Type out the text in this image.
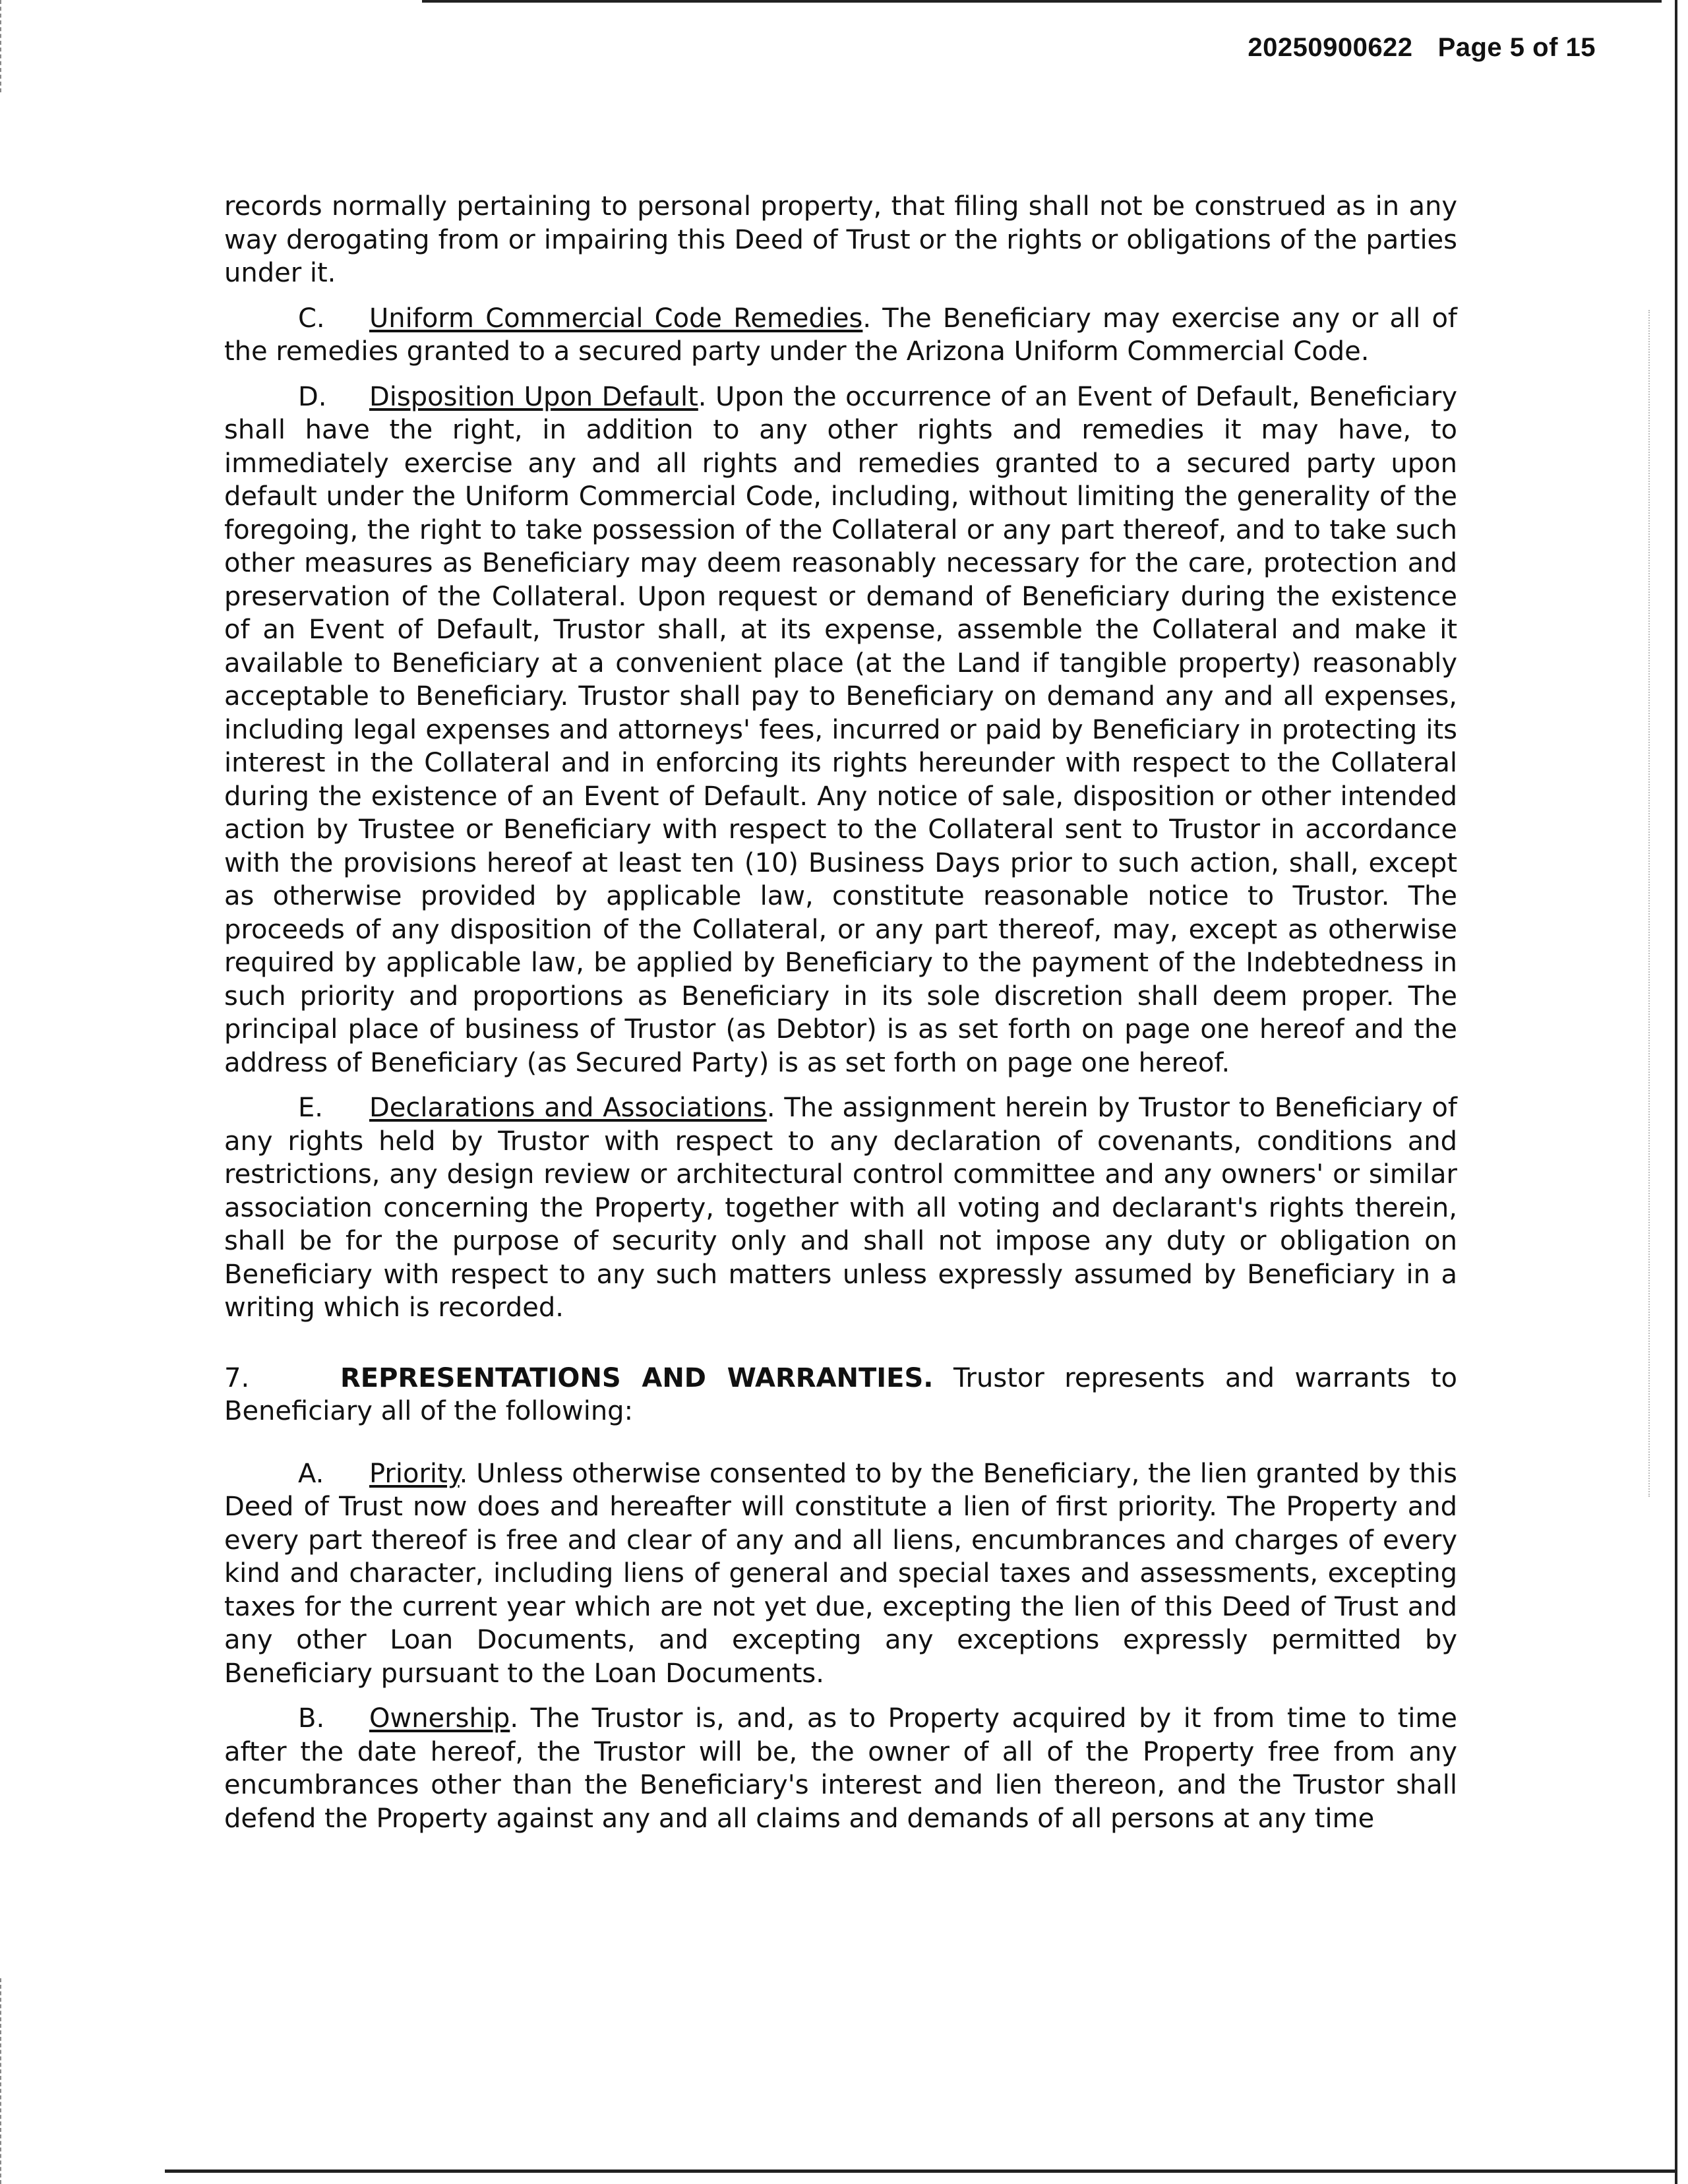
20250900622 Page 5 of 15

records normally pertaining to personal property, that filing shall not be construed as in any way derogating from or impairing this Deed of Trust or the rights or obligations of the parties under it.

C. Uniform Commercial Code Remedies. The Beneficiary may exercise any or all of the remedies granted to a secured party under the Arizona Uniform Commercial Code.

D. Disposition Upon Default. Upon the occurrence of an Event of Default, Beneficiary shall have the right, in addition to any other rights and remedies it may have, to immediately exercise any and all rights and remedies granted to a secured party upon default under the Uniform Commercial Code, including, without limiting the generality of the foregoing, the right to take possession of the Collateral or any part thereof, and to take such other measures as Beneficiary may deem reasonably necessary for the care, protection and preservation of the Collateral. Upon request or demand of Beneficiary during the existence of an Event of Default, Trustor shall, at its expense, assemble the Collateral and make it available to Beneficiary at a convenient place (at the Land if tangible property) reasonably acceptable to Beneficiary. Trustor shall pay to Beneficiary on demand any and all expenses, including legal expenses and attorneys' fees, incurred or paid by Beneficiary in protecting its interest in the Collateral and in enforcing its rights hereunder with respect to the Collateral during the existence of an Event of Default. Any notice of sale, disposition or other intended action by Trustee or Beneficiary with respect to the Collateral sent to Trustor in accordance with the provisions hereof at least ten (10) Business Days prior to such action, shall, except as otherwise provided by applicable law, constitute reasonable notice to Trustor. The proceeds of any disposition of the Collateral, or any part thereof, may, except as otherwise required by applicable law, be applied by Beneficiary to the payment of the Indebtedness in such priority and proportions as Beneficiary in its sole discretion shall deem proper. The principal place of business of Trustor (as Debtor) is as set forth on page one hereof and the address of Beneficiary (as Secured Party) is as set forth on page one hereof.

E. Declarations and Associations. The assignment herein by Trustor to Beneficiary of any rights held by Trustor with respect to any declaration of covenants, conditions and restrictions, any design review or architectural control committee and any owners' or similar association concerning the Property, together with all voting and declarant's rights therein, shall be for the purpose of security only and shall not impose any duty or obligation on Beneficiary with respect to any such matters unless expressly assumed by Beneficiary in a writing which is recorded.

7.	REPRESENTATIONS AND WARRANTIES. Trustor represents and warrants to Beneficiary all of the following:

A. Priority. Unless otherwise consented to by the Beneficiary, the lien granted by this Deed of Trust now does and hereafter will constitute a lien of first priority. The Property and every part thereof is free and clear of any and all liens, encumbrances and charges of every kind and character, including liens of general and special taxes and assessments, excepting taxes for the current year which are not yet due, excepting the lien of this Deed of Trust and any other Loan Documents, and excepting any exceptions expressly permitted by Beneficiary pursuant to the Loan Documents.

B. Ownership. The Trustor is, and, as to Property acquired by it from time to time after the date hereof, the Trustor will be, the owner of all of the Property free from any encumbrances other than the Beneficiary's interest and lien thereon, and the Trustor shall defend the Property against any and all claims and demands of all persons at any time
